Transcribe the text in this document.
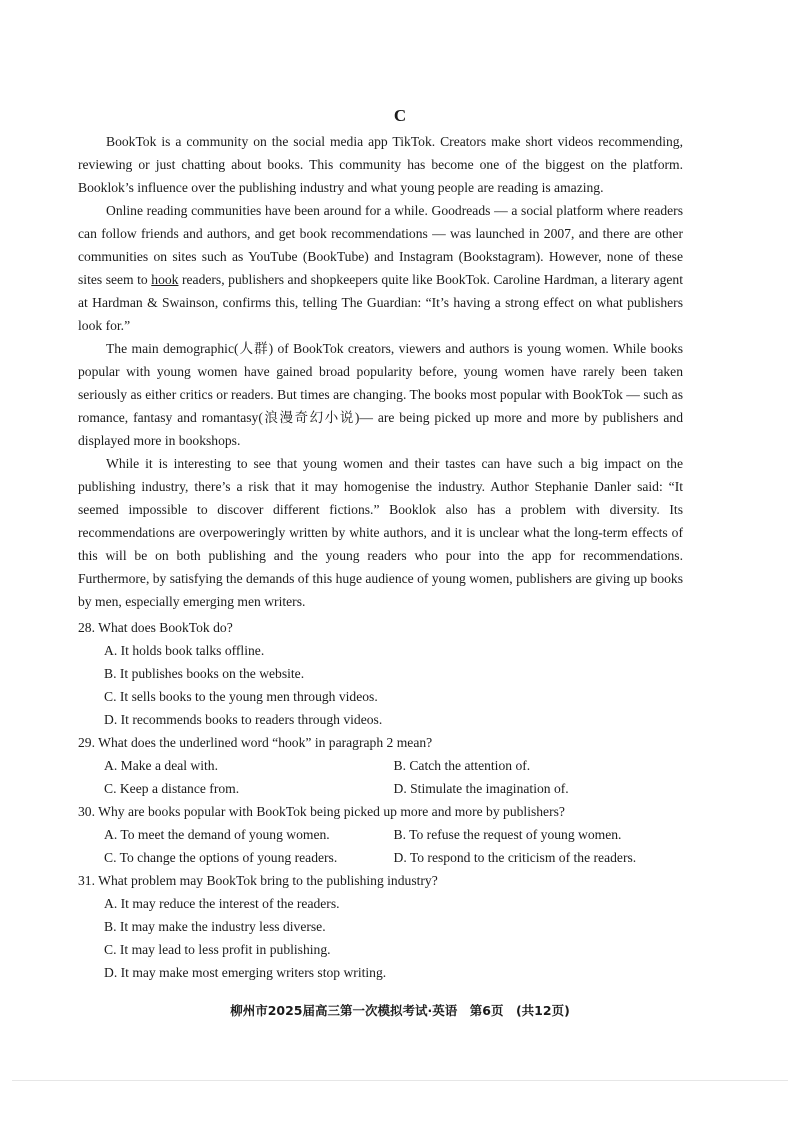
C

BookTok is a community on the social media app TikTok. Creators make short videos recommending, reviewing or just chatting about books. This community has become one of the biggest on the platform. Booklok’s influence over the publishing industry and what young people are reading is amazing.

Online reading communities have been around for a while. Goodreads — a social platform where readers can follow friends and authors, and get book recommendations — was launched in 2007, and there are other communities on sites such as YouTube (BookTube) and Instagram (Bookstagram). However, none of these sites seem to hook readers, publishers and shopkeepers quite like BookTok. Caroline Hardman, a literary agent at Hardman & Swainson, confirms this, telling The Guardian: “It’s having a strong effect on what publishers look for.”

The main demographic(人群) of BookTok creators, viewers and authors is young women. While books popular with young women have gained broad popularity before, young women have rarely been taken seriously as either critics or readers. But times are changing. The books most popular with BookTok — such as romance, fantasy and romantasy(浪漫奇幻小说)— are being picked up more and more by publishers and displayed more in bookshops.

While it is interesting to see that young women and their tastes can have such a big impact on the publishing industry, there’s a risk that it may homogenise the industry. Author Stephanie Danler said: “It seemed impossible to discover different fictions.” Booklok also has a problem with diversity. Its recommendations are overpoweringly written by white authors, and it is unclear what the long-term effects of this will be on both publishing and the young readers who pour into the app for recommendations. Furthermore, by satisfying the demands of this huge audience of young women, publishers are giving up books by men, especially emerging men writers.

28. What does BookTok do?
A. It holds book talks offline.
B. It publishes books on the website.
C. It sells books to the young men through videos.
D. It recommends books to readers through videos.
29. What does the underlined word “hook” in paragraph 2 mean?
A. Make a deal with.	B. Catch the attention of.
C. Keep a distance from.	D. Stimulate the imagination of.
30. Why are books popular with BookTok being picked up more and more by publishers?
A. To meet the demand of young women.	B. To refuse the request of young women.
C. To change the options of young readers.	D. To respond to the criticism of the readers.
31. What problem may BookTok bring to the publishing industry?
A. It may reduce the interest of the readers.
B. It may make the industry less diverse.
C. It may lead to less profit in publishing.
D. It may make most emerging writers stop writing.
柳州市2025届高三第一次模拟考试·英语　第6页　(共12页)
